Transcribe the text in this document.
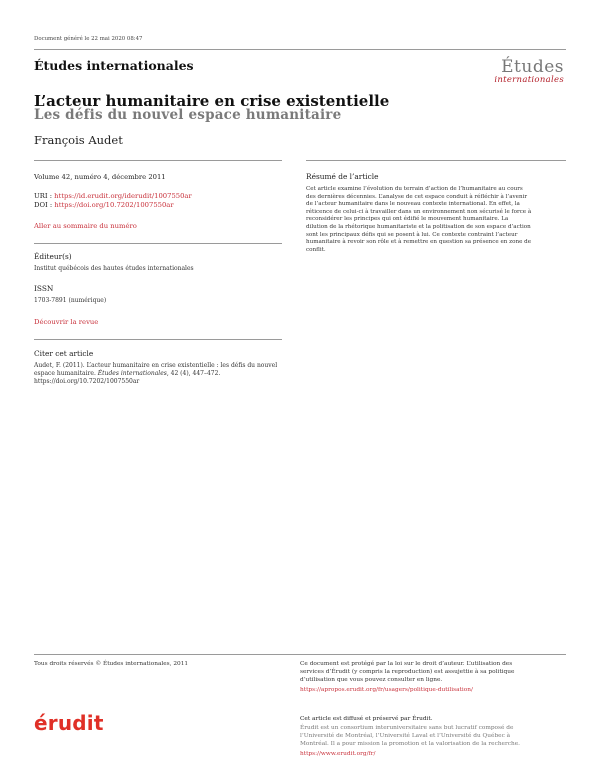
Document généré le 22 mai 2020 08:47
Études internationales	Études
internationales
L’acteur humanitaire en crise existentielle
Les défis du nouvel espace humanitaire
François Audet
Volume 42, numéro 4, décembre 2011
URI : https://id.erudit.org/iderudit/1007550ar
DOI : https://doi.org/10.7202/1007550ar
Aller au sommaire du numéro
Éditeur(s)
Institut québécois des hautes études internationales
ISSN
1703-7891 (numérique)
Découvrir la revue
Citer cet article
Audet, F. (2011). L’acteur humanitaire en crise existentielle : les défis du nouvel
espace humanitaire. Études internationales, 42 (4), 447–472.
https://doi.org/10.7202/1007550ar
Résumé de l’article
Cet article examine l’évolution du terrain d’action de l’humanitaire au cours
des dernières décennies. L’analyse de cet espace conduit à réfléchir à l’avenir
de l’acteur humanitaire dans le nouveau contexte international. En effet, la
réticence de celui-ci à travailler dans un environnement non sécurisé le force à
reconsidérer les principes qui ont édifié le mouvement humanitaire. La
dilution de la rhétorique humanitariste et la politisation de son espace d’action
sont les principaux défis qui se posent à lui. Ce contexte contraint l’acteur
humanitaire à revoir son rôle et à remettre en question sa présence en zone de
conflit.
Tous droits réservés © Études internationales, 2011	Ce document est protégé par la loi sur le droit d’auteur. L’utilisation des
services d’Érudit (y compris la reproduction) est assujettie à sa politique
d’utilisation que vous pouvez consulter en ligne.
https://apropos.erudit.org/fr/usagers/politique-dutilisation/
érudit	Cet article est diffusé et préservé par Érudit.
Érudit est un consortium interuniversitaire sans but lucratif composé de
l’Université de Montréal, l’Université Laval et l’Université du Québec à
Montréal. Il a pour mission la promotion et la valorisation de la recherche.
https://www.erudit.org/fr/
